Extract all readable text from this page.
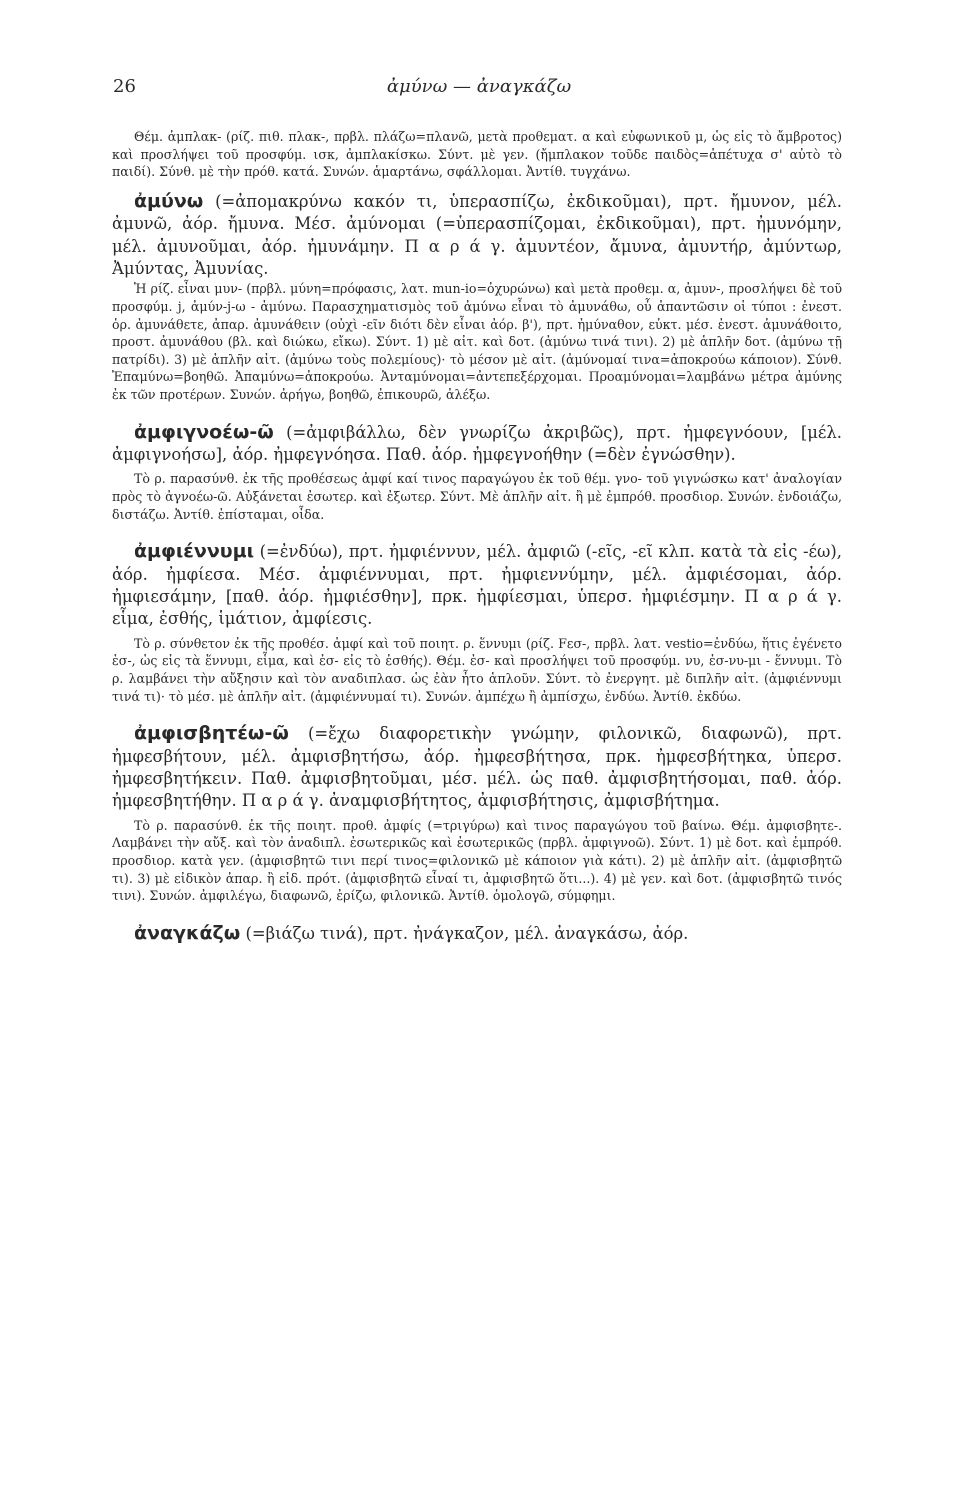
26	ἀμύνω — ἀναγκάζω

Θέμ. ἀμπλακ- (ρίζ. πιθ. πλακ-, πρβλ. πλάζω=πλανῶ, μετὰ προθεματ. α καὶ εὐφωνικοῦ μ, ὡς εἰς τὸ ἄμβροτος) καὶ προσλήψει τοῦ προσφύμ. ισκ, ἀμπλακίσκω. Σύντ. μὲ γεν. (ἤμπλακον τοῦδε παιδὸς=ἀπέτυχα σ' αὐτὸ τὸ παιδί). Σύνθ. μὲ τὴν πρόθ. κατά. Συνών. ἁμαρτάνω, σφάλλομαι. Ἀντίθ. τυγχάνω.

ἀμύνω (=ἀπομακρύνω κακόν τι, ὑπερασπίζω, ἐκδικοῦμαι), πρτ. ἤμυνον, μέλ. ἀμυνῶ, ἀόρ. ἤμυνα. Μέσ. ἀμύνομαι (=ὑπερασπίζομαι, ἐκδικοῦμαι), πρτ. ἠμυνόμην, μέλ. ἀμυνοῦμαι, ἀόρ. ἠμυνάμην. Π α ρ ά γ. ἀμυντέον, ἄμυνα, ἀμυντήρ, ἀμύντωρ, Ἀμύντας, Ἀμυνίας.

Ἡ ρίζ. εἶναι μυν- (πρβλ. μύνη=πρόφασις, λατ. mun-io=ὀχυρώνω) καὶ μετὰ προθεμ. α, ἀμυν-, προσλήψει δὲ τοῦ προσφύμ. j, ἀμύν-j-ω - ἀμύνω. Παρασχηματισμὸς τοῦ ἀμύνω εἶναι τὸ ἀμυνάθω, οὗ ἀπαντῶσιν οἱ τύποι : ἐνεστ. ὁρ. ἀμυνάθετε, ἀπαρ. ἀμυνάθειν (οὐχὶ -εῖν διότι δὲν εἶναι ἀόρ. β'), πρτ. ἠμύναθον, εὐκτ. μέσ. ἐνεστ. ἀμυνάθοιτο, προστ. ἀμυνάθου (βλ. καὶ διώκω, εἴκω). Σύντ. 1) μὲ αἰτ. καὶ δοτ. (ἀμύνω τινά τινι). 2) μὲ ἁπλῆν δοτ. (ἀμύνω τῇ πατρίδι). 3) μὲ ἁπλῆν αἰτ. (ἀμύνω τοὺς πολεμίους)· τὸ μέσον μὲ αἰτ. (ἀμύνομαί τινα=ἀποκρούω κάποιον). Σύνθ. Ἐπαμύνω=βοηθῶ. Ἀπαμύνω=ἀποκρούω. Ἀνταμύνομαι=ἀντεπεξέρχομαι. Προαμύνομαι=λαμβάνω μέτρα ἀμύνης ἐκ τῶν προτέρων. Συνών. ἀρήγω, βοηθῶ, ἐπικουρῶ, ἀλέξω.

ἀμφιγνοέω-ῶ (=ἀμφιβάλλω, δὲν γνωρίζω ἀκριβῶς), πρτ. ἠμφεγνόουν, [μέλ. ἀμφιγνοήσω], ἀόρ. ἠμφεγνόησα. Παθ. ἀόρ. ἠμφεγνοήθην (=δὲν ἐγνώσθην).

Τὸ ρ. παρασύνθ. ἐκ τῆς προθέσεως ἀμφί καί τινος παραγώγου ἐκ τοῦ θέμ. γνο- τοῦ γιγνώσκω κατ' ἀναλογίαν πρὸς τὸ ἀγνοέω-ῶ. Αὐξάνεται ἐσωτερ. καὶ ἐξωτερ. Σύντ. Μὲ ἁπλῆν αἰτ. ἢ μὲ ἐμπρόθ. προσδιορ. Συνών. ἐνδοιάζω, διστάζω. Ἀντίθ. ἐπίσταμαι, οἶδα.

ἀμφιέννυμι (=ἐνδύω), πρτ. ἠμφιέννυν, μέλ. ἀμφιῶ (-εῖς, -εῖ κλπ. κατὰ τὰ εἰς -έω), ἀόρ. ἠμφίεσα. Μέσ. ἀμφιέννυμαι, πρτ. ἠμφιεννύμην, μέλ. ἀμφιέσομαι, ἀόρ. ἠμφιεσάμην, [παθ. ἀόρ. ἠμφιέσθην], πρκ. ἠμφίεσμαι, ὑπερσ. ἠμφιέσμην. Π α ρ ά γ. εἷμα, ἐσθής, ἱμάτιον, ἀμφίεσις.

Τὸ ρ. σύνθετον ἐκ τῆς προθέσ. ἀμφί καὶ τοῦ ποιητ. ρ. ἕννυμι (ρίζ. Fεσ-, πρβλ. λατ. vestio=ἐνδύω, ἥτις ἐγένετο ἑσ-, ὡς εἰς τὰ ἕννυμι, εἷμα, καὶ ἐσ- εἰς τὸ ἐσθής). Θέμ. ἐσ- καὶ προσλήψει τοῦ προσφύμ. νυ, ἐσ-νυ-μι - ἕννυμι. Τὸ ρ. λαμβάνει τὴν αὔξησιν καὶ τὸν αναδιπλασ. ὡς ἐὰν ἦτο ἁπλοῦν. Σύντ. τὸ ἐνεργητ. μὲ διπλῆν αἰτ. (ἀμφιέννυμι τινά τι)· τὸ μέσ. μὲ ἁπλῆν αἰτ. (ἀμφιέννυμαί τι). Συνών. ἀμπέχω ἢ ἀμπίσχω, ἐνδύω. Ἀντίθ. ἐκδύω.

ἀμφισβητέω-ῶ (=ἔχω διαφορετικὴν γνώμην, φιλονικῶ, διαφωνῶ), πρτ. ἠμφεσβήτουν, μέλ. ἀμφισβητήσω, ἀόρ. ἠμφεσβήτησα, πρκ. ἠμφεσβήτηκα, ὑπερσ. ἠμφεσβητήκειν. Παθ. ἀμφισβητοῦμαι, μέσ. μέλ. ὡς παθ. ἀμφισβητήσομαι, παθ. ἀόρ. ἠμφεσβητήθην. Π α ρ ά γ. ἀναμφισβήτητος, ἀμφισβήτησις, ἀμφισβήτημα.

Τὸ ρ. παρασύνθ. ἐκ τῆς ποιητ. προθ. ἀμφίς (=τριγύρω) καὶ τινος παραγώγου τοῦ βαίνω. Θέμ. ἀμφισβητε-. Λαμβάνει τὴν αὔξ. καὶ τὸν ἀναδιπλ. ἐσωτερικῶς καὶ ἐσωτερικῶς (πρβλ. ἀμφιγνοῶ). Σύντ. 1) μὲ δοτ. καὶ ἐμπρόθ. προσδιορ. κατὰ γεν. (ἀμφισβητῶ τινι περί τινος=φιλονικῶ μὲ κάποιον γιὰ κάτι). 2) μὲ ἁπλῆν αἰτ. (ἀμφισβητῶ τι). 3) μὲ εἰδικὸν ἀπαρ. ἢ εἰδ. πρότ. (ἀμφισβητῶ εἶναί τι, ἀμφισβητῶ ὅτι...). 4) μὲ γεν. καὶ δοτ. (ἀμφισβητῶ τινός τινι). Συνών. ἀμφιλέγω, διαφωνῶ, ἐρίζω, φιλονικῶ. Ἀντίθ. ὁμολογῶ, σύμφημι.

ἀναγκάζω (=βιάζω τινά), πρτ. ἠνάγκαζον, μέλ. ἀναγκάσω, ἀόρ.
